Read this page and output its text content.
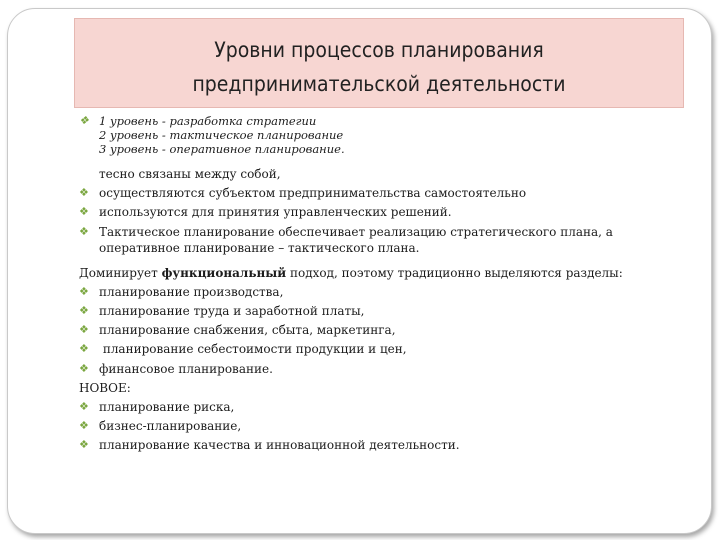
Уровни процессов планирования
предпринимательской деятельности
❖ 1 уровень - разработка стратегии
2 уровень - тактическое планирование
3 уровень - оперативное планирование.
тесно связаны между собой,
❖ осуществляются субъектом предпринимательства самостоятельно
❖ используются для принятия управленческих решений.
❖ Тактическое планирование обеспечивает реализацию стратегического плана, а
оперативное планирование – тактического плана.
Доминирует функциональный подход, поэтому традиционно выделяются разделы:
❖ планирование производства,
❖ планирование труда и заработной платы,
❖ планирование снабжения, сбыта, маркетинга,
❖ планирование себестоимости продукции и цен,
❖ финансовое планирование.
НОВОЕ:
❖ планирование риска,
❖ бизнес-планирование,
❖ планирование качества и инновационной деятельности.
